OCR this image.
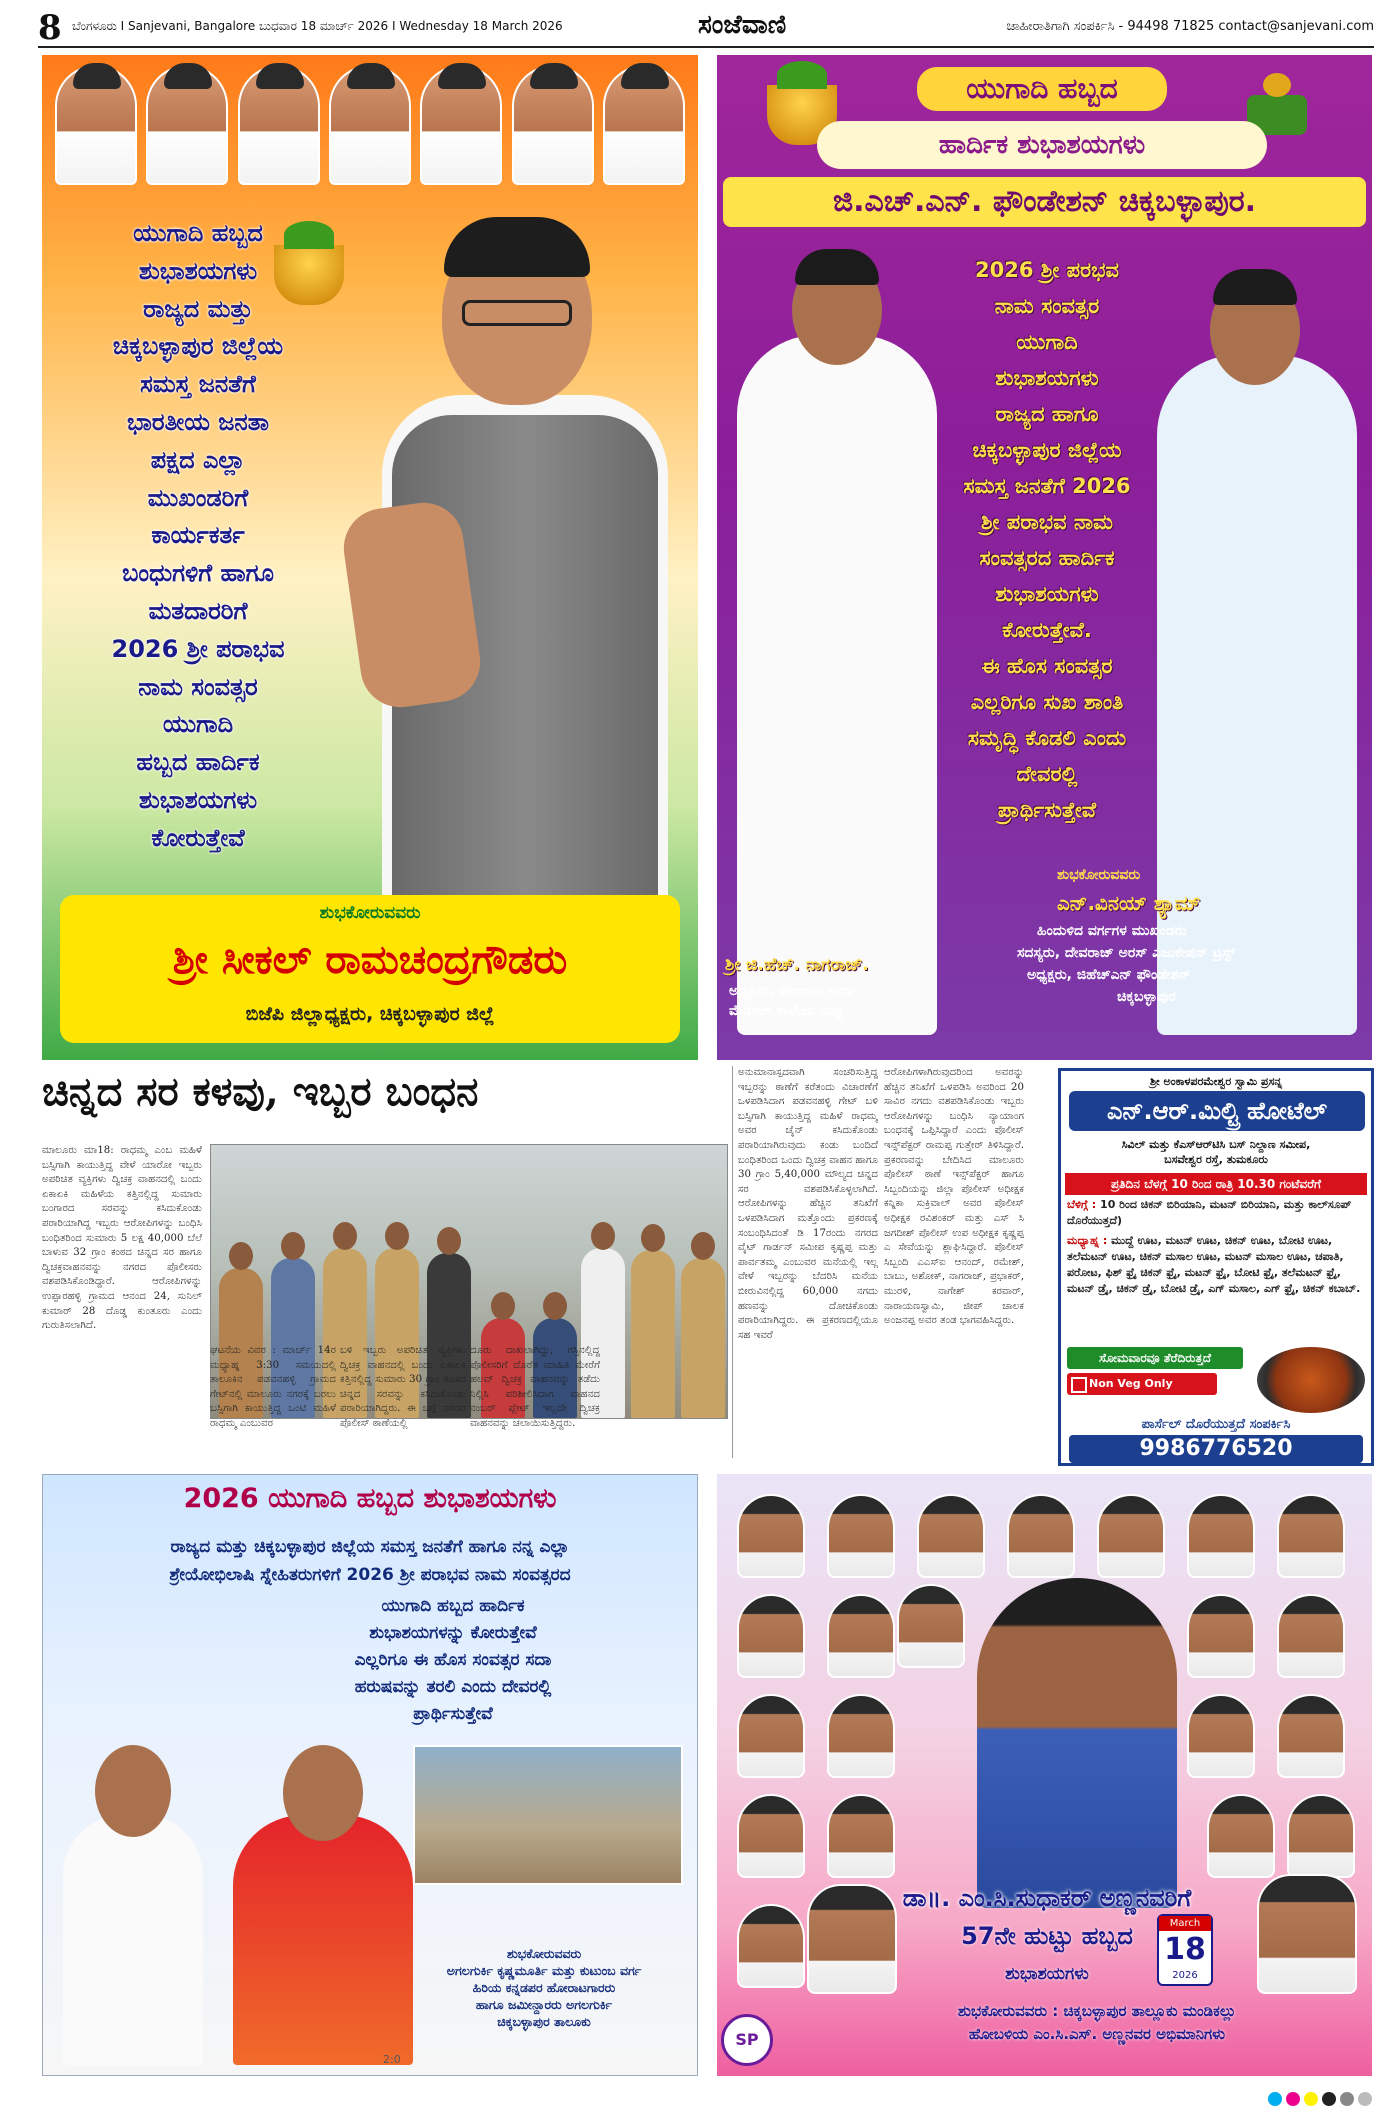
8 ಬೆಂಗಳೂರು I Sanjevani, Bangalore ಬುಧವಾರ 18 ಮಾರ್ಚ್ 2026 I Wednesday 18 March 2026	ಸಂಜೆವಾಣಿ	ಜಾಹೀರಾತಿಗಾಗಿ ಸಂಪರ್ಕಿಸಿ - 94498 71825 contact@sanjevani.com
ಯುಗಾದಿ ಹಬ್ಬದ
ಶುಭಾಶಯಗಳು
ರಾಜ್ಯದ ಮತ್ತು
ಚಿಕ್ಕಬಳ್ಳಾಪುರ ಜಿಲ್ಲೆಯ
ಸಮಸ್ತ ಜನತೆಗೆ
ಭಾರತೀಯ ಜನತಾ
ಪಕ್ಷದ ಎಲ್ಲಾ
ಮುಖಂಡರಿಗೆ
ಕಾರ್ಯಕರ್ತ
ಬಂಧುಗಳಿಗೆ ಹಾಗೂ
ಮತದಾರರಿಗೆ
2026 ಶ್ರೀ ಪರಾಭವ
ನಾಮ ಸಂವತ್ಸರ
ಯುಗಾದಿ
ಹಬ್ಬದ ಹಾರ್ದಿಕ
ಶುಭಾಶಯಗಳು
ಕೋರುತ್ತೇವೆ
ಶುಭಕೋರುವವರು
ಶ್ರೀ ಸೀಕಲ್ ರಾಮಚಂದ್ರಗೌಡರು
ಬಿಜೆಪಿ ಜಿಲ್ಲಾಧ್ಯಕ್ಷರು, ಚಿಕ್ಕಬಳ್ಳಾಪುರ ಜಿಲ್ಲೆ
ಯುಗಾದಿ ಹಬ್ಬದ
ಹಾರ್ದಿಕ ಶುಭಾಶಯಗಳು
ಜಿ.ಎಚ್.ಎನ್. ಫೌಂಡೇಶನ್ ಚಿಕ್ಕಬಳ್ಳಾಪುರ.
2026 ಶ್ರೀ ಪರಭವ
ನಾಮ ಸಂವತ್ಸರ
ಯುಗಾದಿ
ಶುಭಾಶಯಗಳು
ರಾಜ್ಯದ ಹಾಗೂ
ಚಿಕ್ಕಬಳ್ಳಾಪುರ ಜಿಲ್ಲೆಯ
ಸಮಸ್ತ ಜನತೆಗೆ 2026
ಶ್ರೀ ಪರಾಭವ ನಾಮ
ಸಂವತ್ಸರದ ಹಾರ್ದಿಕ
ಶುಭಾಶಯಗಳು
ಕೋರುತ್ತೇವೆ.
ಈ ಹೊಸ ಸಂವತ್ಸರ
ಎಲ್ಲರಿಗೂ ಸುಖ ಶಾಂತಿ
ಸಮೃದ್ಧಿ ಕೊಡಲಿ ಎಂದು
ದೇವರಲ್ಲಿ
ಪ್ರಾರ್ಥಿಸುತ್ತೇವೆ
ಶ್ರೀ ಜಿ.ಹೆಚ್. ನಾಗರಾಜ್.
ಅಧ್ಯಕ್ಷರು, ದೇವರಾಜ ಅರಸ್
ಮೆಡಿಕಲ್ ಕಾಲೇಜು ಸಂಸ್ಥೆ
ಶುಭಕೋರುವವರು
ಎನ್.ವಿನಯ್ ಶ್ಯಾಮ್
ಹಿಂದುಳಿದ ವರ್ಗಗಳ ಮುಖಂಡರು
ಸದಸ್ಯರು, ದೇವರಾಜ್ ಅರಸ್ ಎಜುಕೇಷನ್ ಟ್ರಸ್ಟ್
ಅಧ್ಯಕ್ಷರು, ಜಿಹೆಚ್ಎನ್ ಫೌಂಡೇಶನ್
ಚಿಕ್ಕಬಳ್ಳಾಪುರ
ಚಿನ್ನದ ಸರ ಕಳವು, ಇಬ್ಬರ ಬಂಧನ
ಮಾಲೂರು ಮಾ18: ರಾಧಮ್ಮ ಎಂಬ ಮಹಿಳೆ ಬಸ್ಸಿಗಾಗಿ ಕಾಯುತ್ತಿದ್ದ ವೇಳೆ ಯಾರೋ ಇಬ್ಬರು ಅಪರಿಚಿತ ವ್ಯಕ್ತಿಗಳು ದ್ವಿಚಕ್ರ ವಾಹನದಲ್ಲಿ ಬಂದು ಏಕಾಏಕಿ ಮಹಿಳೆಯ ಕತ್ತಿನಲ್ಲಿದ್ದ ಸುಮಾರು ಬಂಗಾರದ ಸರವನ್ನು ಕಸಿದುಕೊಂಡು ಪರಾರಿಯಾಗಿದ್ದ ಇಬ್ಬರು ಆರೋಪಿಗಳನ್ನು ಬಂಧಿಸಿ ಬಂಧಿತರಿಂದ ಸುಮಾರು 5 ಲಕ್ಷ 40,000 ಬೆಲೆ ಬಾಳುವ 32 ಗ್ರಾಂ ಕಂಠದ ಚಿನ್ನದ ಸರ ಹಾಗೂ ದ್ವಿಚಕ್ರವಾಹನವನ್ನು ನಗರದ ಪೊಲೀಸರು ವಶಪಡಿಸಿಕೊಂಡಿದ್ದಾರೆ. ಆರೋಪಿಗಳನ್ನು ಉಪ್ಪಾರಹಳ್ಳಿ ಗ್ರಾಮದ ಆನಂದ 24, ಸುನಿಲ್ ಕುಮಾರ್ 28 ದೊಡ್ಡ ಕುಂತೂರು ಎಂದು ಗುರುತಿಸಲಾಗಿದೆ.
ಘಟನೆಯ ವಿವರ : ಮಾರ್ಚ್ 14ರ ಮಧ್ಯಾಹ್ನ 3:30 ಸಮಯದಲ್ಲಿ ತಾಲೂಕಿನ ಪಡವನಹಳ್ಳಿ ಗ್ರಾಮದ ಗೇಟ್‌ನಲ್ಲಿ ಮಾಲೂರು ನಗರಕ್ಕೆ ಬರಲು ಬಸ್ಸಿಗಾಗಿ ಕಾಯುತ್ತಿದ್ದ ಒಂಟಿ ಮಹಿಳೆ ರಾಧಮ್ಮ ಎಂಬುವರ
ಬಳಿ ಇಬ್ಬರು ಅಪರಿಚಿತ ವ್ಯಕ್ತಿಗಳು ದ್ವಿಚಕ್ರ ವಾಹನದಲ್ಲಿ ಬಂದು ಏಕಾಏಕಿ ಕತ್ತಿನಲ್ಲಿದ್ದ ಸುಮಾರು 30 ಗ್ರಾಂ ತೂಕದ ಚಿನ್ನದ ಸರವನ್ನು ಕಸಿದುಕೊಂಡು ಪರಾರಿಯಾಗಿದ್ದರು. ಈ ಬಗ್ಗೆ ನಗರದ ಪೊಲೀಸ್ ಠಾಣೆಯಲ್ಲಿ
ದೂರು ದಾಖಲಾಗಿದ್ದು, ಗಸ್ತಿನಲ್ಲಿದ್ದ ಪೊಲೀಸರಿಗೆ ದೊರೆತ ಮಾಹಿತಿ ಮೇರೆಗೆ ಹಲವ್ ದ್ವಿಚಕ್ರ ವಾಹನವನ್ನು ತಡೆದು ನಿಲ್ಲಿಸಿ ಪರಿಶೀಲಿಸಿದಾಗ ವಾಹನದ ನಂಬರ್ ಪ್ಲೇಟ್ ಇಲ್ಲದೇ ದ್ವಿಚಕ್ರ ವಾಹನವನ್ನು ಚಲಾಯಿಸುತ್ತಿದ್ದರು.
ಅನುಮಾನಾಸ್ಪದವಾಗಿ ಸಂಚರಿಸುತ್ತಿದ್ದ ಇಬ್ಬರನ್ನು ಠಾಣೆಗೆ ಕರೆತಂದು ವಿಚಾರಣೆಗೆ ಒಳಪಡಿಸಿದಾಗ ಪಡವನಹಳ್ಳಿ ಗೇಟ್ ಬಳಿ ಬಸ್ಸಿಗಾಗಿ ಕಾಯುತ್ತಿದ್ದ ಮಹಿಳೆ ರಾಧಮ್ಮ ಅವರ ಚೈನ್ ಕಸಿದುಕೊಂಡು ಪರಾರಿಯಾಗಿರುವುದು ಕಂಡು ಬಂದಿದೆ ಬಂಧಿತರಿಂದ ಒಂದು ದ್ವಿಚಕ್ರ ವಾಹನ ಹಾಗೂ 30 ಗ್ರಾಂ 5,40,000 ಮೌಲ್ಯದ ಚಿನ್ನದ ಸರ ವಶಪಡಿಸಿಕೊಳ್ಳಲಾಗಿದೆ. ಆರೋಪಿಗಳನ್ನು ಹೆಚ್ಚಿನ ತನಿಖೆಗೆ ಒಳಪಡಿಸಿದಾಗ ಮತ್ತೊಂದು ಪ್ರಕರಣಕ್ಕೆ ಸಂಬಂಧಿಸಿದಂತೆ ಡಿ 17ರಂದು ನಗರದ ವೈಟ್ ಗಾರ್ಡನ್ ಸಮೀಪ ಕೃಷ್ಣಪ್ಪ ಮತ್ತು ಪಾರ್ವತಮ್ಮ ಎಂಬುವರ ಮನೆಯಲ್ಲಿ ಇಲ್ಲ ವೇಳೆ ಇಬ್ಬರನ್ನು ಬೆದರಿಸಿ ಮನೆಯ ಬೀರುವಿನಲ್ಲಿದ್ದ 60,000 ನಗದು ಹಣವನ್ನು ದೋಚಿಕೊಂಡು ಪರಾರಿಯಾಗಿದ್ದರು. ಈ ಪ್ರಕರಣದಲ್ಲಿಯೂ ಸಹ ಇವರೆ
ಆರೋಪಿಗಳಾಗಿರುವುದರಿಂದ ಅವರನ್ನು ಹೆಚ್ಚಿನ ತನಿಖೆಗೆ ಒಳಪಡಿಸಿ ಅವರಿಂದ 20 ಸಾವಿರ ನಗದು ವಶಪಡಿಸಿಕೊಂಡು ಇಬ್ಬರು ಆರೋಪಿಗಳನ್ನು ಬಂಧಿಸಿ ನ್ಯಾಯಾಂಗ ಬಂಧನಕ್ಕೆ ಒಪ್ಪಿಸಿದ್ದಾರೆ ಎಂದು ಪೊಲೀಸ್ ಇನ್ಸ್‌ಪೆಕ್ಟರ್ ರಾಮಪ್ಪ ಗುತ್ತೇರ್ ತಿಳಿಸಿದ್ದಾರೆ. ಪ್ರಕರಣವನ್ನು ಬೇದಿಸಿದ ಮಾಲೂರು ಪೊಲೀಸ್ ಠಾಣೆ ಇನ್ಸ್‌ಪೆಕ್ಟರ್ ಹಾಗೂ ಸಿಬ್ಬಂದಿಯನ್ನು ಜಿಲ್ಲಾ ಪೊಲೀಸ್ ಅಧೀಕ್ಷಕ ಕನ್ನಿಕಾ ಸುಕ್ರಿವಾಲ್ ಅವರ ಪೊಲೀಸ್ ಅಧೀಕ್ಷಕ ರವಿಶಂಕರ್ ಮತ್ತು ಎಸ್ ಸಿ ಜಗದೀಶ್ ಪೊಲೀಸ್ ಉಪ ಅಧೀಕ್ಷಕ ಕೃಷ್ಣಪ್ಪ ಎ ಸೇವೆಯನ್ನು ಶ್ಲಾಘಿಸಿದ್ದಾರೆ. ಪೊಲೀಸ್ ಸಿಬ್ಬಂದಿ ಎಎಸ್‌ಐ ಆನಂದ್, ರಮೇಶ್, ಬಾಬು, ಅಶೋಕ್, ನಾಗರಾಜ್, ಪ್ರಭಾಕರ್, ಮುರಳಿ, ನಾಗೇಶ್ ಕರವಾರ್, ನಾರಾಯಣಸ್ವಾಮಿ, ಜೀಪ್ ಚಾಲಕ ಅಂಜನಪ್ಪ ಅವರ ತಂಡ ಭಾಗವಹಿಸಿದ್ದರು.
ಶ್ರೀ ಅಂಕಾಳಪರಮೇಶ್ವರ ಸ್ವಾಮಿ ಪ್ರಸನ್ನ
ಎನ್.ಆರ್.ಮಿಲ್ಟ್ರಿ ಹೋಟೆಲ್
ಸಿವಿಲ್ ಮತ್ತು ಕೆಎಸ್ಆರ್‌ಟಿಸಿ ಬಸ್ ನಿಲ್ದಾಣ ಸಮೀಪ,
ಬಸವೇಶ್ವರ ರಸ್ತೆ, ತುಮಕೂರು
ಪ್ರತಿದಿನ ಬೆಳಗ್ಗೆ 10 ರಿಂದ ರಾತ್ರಿ 10.30 ಗಂಟೆವರೆಗೆ
ಬೆಳಿಗ್ಗೆ : 10 ರಿಂದ ಚಿಕನ್ ಬಿರಿಯಾನಿ, ಮಟನ್ ಬಿರಿಯಾನಿ, ಮತ್ತು ಕಾಲ್‌ಸೂಪ್ ದೊರೆಯುತ್ತದೆ)
ಮಧ್ಯಾಹ್ನ : ಮುದ್ದೆ ಊಟ, ಮಟನ್ ಊಟ, ಚಿಕನ್ ಊಟ, ಬೋಟಿ ಊಟ, ತಲೆಮಟನ್ ಊಟ, ಚಿಕನ್ ಮಸಾಲ ಊಟ, ಮಟನ್ ಮಸಾಲ ಊಟ, ಚಪಾತಿ, ಪರೋಟ, ಫಿಶ್ ಫ್ರೈ ಚಿಕನ್ ಫ್ರೈ, ಮಟನ್ ಫ್ರೈ, ಬೋಟಿ ಫ್ರೈ, ತಲೆಮಟನ್ ಫ್ರೈ, ಮಟನ್ ಡ್ರೈ, ಚಿಕನ್ ಡ್ರೈ, ಬೋಟಿ ಡ್ರೈ, ಎಗ್ ಮಸಾಲ, ಎಗ್ ಫ್ರೈ, ಚಿಕನ್ ಕಬಾಬ್.
ಸೋಮವಾರವೂ ತೆರೆದಿರುತ್ತದೆ
Non Veg Only
ಪಾರ್ಸೆಲ್ ದೊರೆಯುತ್ತದೆ ಸಂಪರ್ಕಿಸಿ
9986776520
2026 ಯುಗಾದಿ ಹಬ್ಬದ ಶುಭಾಶಯಗಳು
ರಾಜ್ಯದ ಮತ್ತು ಚಿಕ್ಕಬಳ್ಳಾಪುರ ಜಿಲ್ಲೆಯ ಸಮಸ್ತ ಜನತೆಗೆ ಹಾಗೂ ನನ್ನ ಎಲ್ಲಾ
ಶ್ರೇಯೋಭಿಲಾಷಿ ಸ್ನೇಹಿತರುಗಳಿಗೆ 2026 ಶ್ರೀ ಪರಾಭವ ನಾಮ ಸಂವತ್ಸರದ
ಯುಗಾದಿ ಹಬ್ಬದ ಹಾರ್ದಿಕ
ಶುಭಾಶಯಗಳನ್ನು ಕೋರುತ್ತೇವೆ
ಎಲ್ಲರಿಗೂ ಈ ಹೊಸ ಸಂವತ್ಸರ ಸದಾ
ಹರುಷವನ್ನು ತರಲಿ ಎಂದು ದೇವರಲ್ಲಿ
ಪ್ರಾರ್ಥಿಸುತ್ತೇವೆ
ಶುಭಕೋರುವವರು
ಅಗಲಗುರ್ಕಿ ಕೃಷ್ಣಮೂರ್ತಿ ಮತ್ತು ಕುಟುಂಬ ವರ್ಗ
ಹಿರಿಯ ಕನ್ನಡಪರ ಹೋರಾಟಗಾರರು
ಹಾಗೂ ಜಮೀನ್ದಾರರು ಅಗಲಗುರ್ಕಿ
ಚಿಕ್ಕಬಳ್ಳಾಪುರ ತಾಲೂಕು
2:0
ಡಾ॥. ಎಂ.ಸಿ.ಸುಧಾಕರ್ ಅಣ್ಣನವರಿಗೆ
57ನೇ ಹುಟ್ಟು ಹಬ್ಬದ
ಶುಭಾಶಯಗಳು
March
18
2026
ಶುಭಕೋರುವವರು : ಚಿಕ್ಕಬಳ್ಳಾಪುರ ತಾಲ್ಲೂಕು ಮಂಡಿಕಲ್ಲು
ಹೋಬಳಿಯ ಎಂ.ಸಿ.ಎಸ್. ಅಣ್ಣನವರ ಅಭಿಮಾನಿಗಳು
SP
